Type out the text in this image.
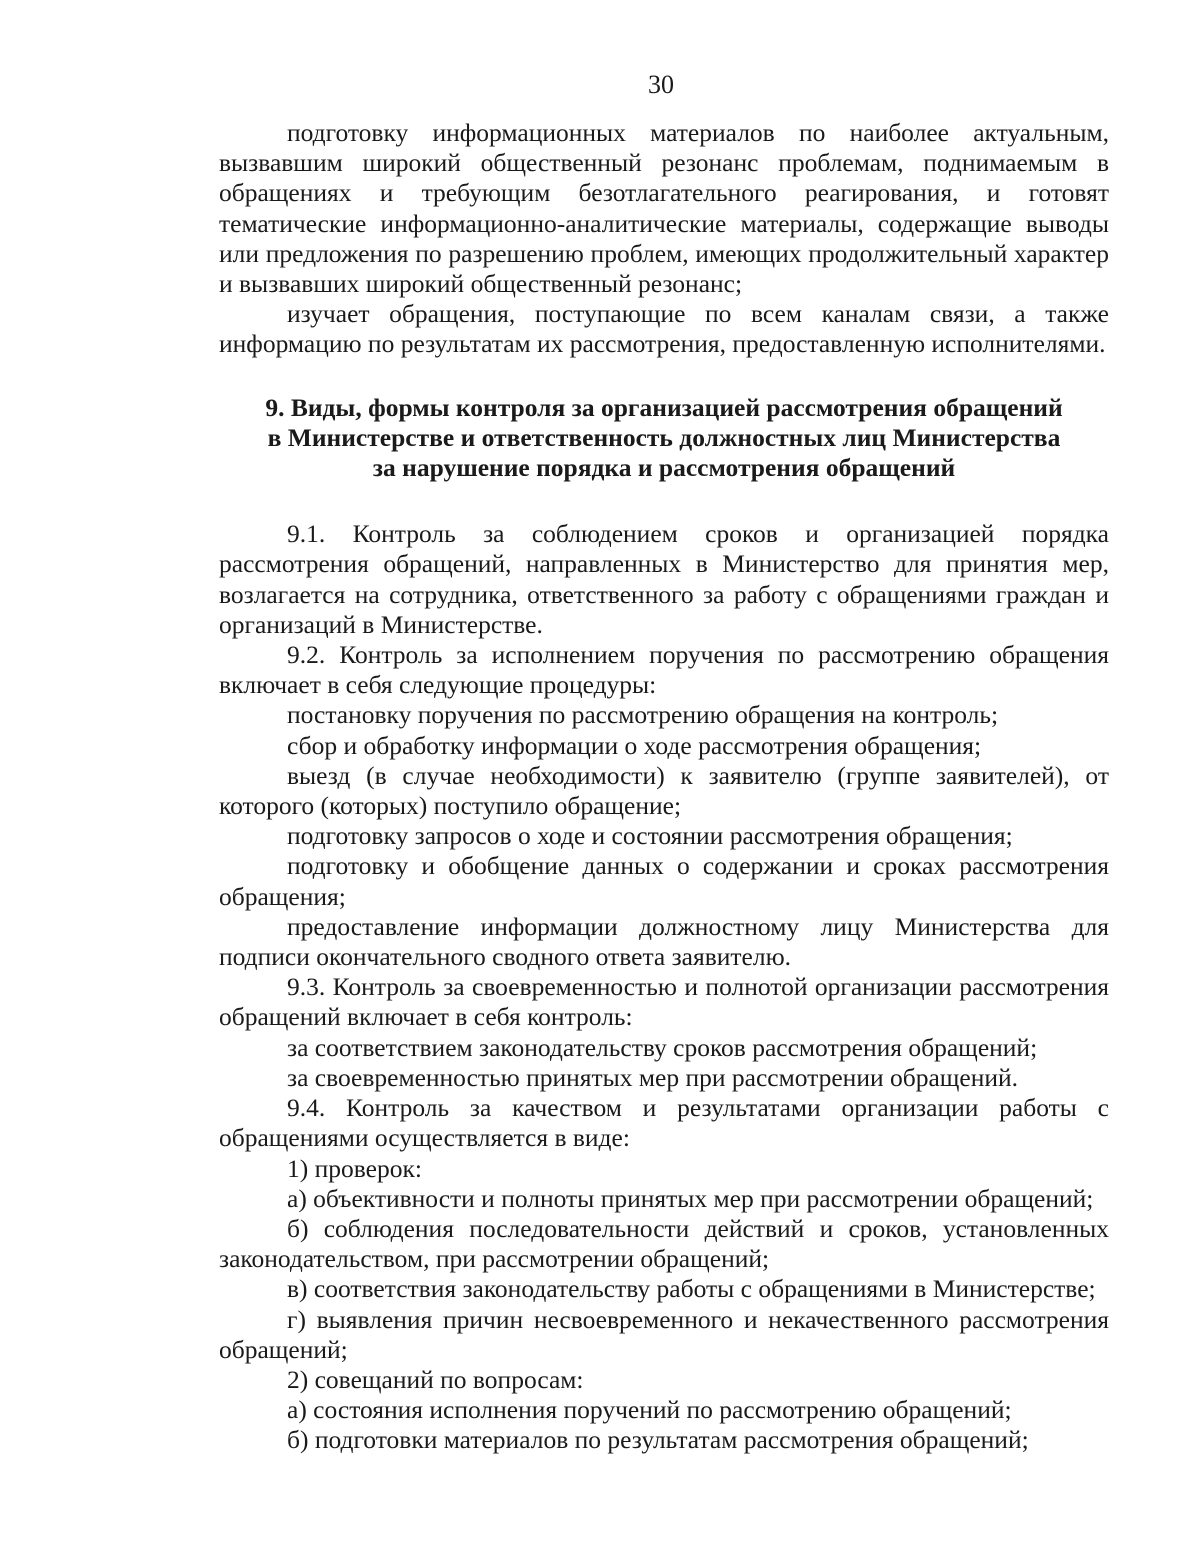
30

подготовку информационных материалов по наиболее актуальным, вызвавшим широкий общественный резонанс проблемам, поднимаемым в обращениях и требующим безотлагательного реагирования, и готовят тематические информационно-аналитические материалы, содержащие выводы или предложения по разрешению проблем, имеющих продолжительный характер и вызвавших широкий общественный резонанс;

изучает обращения, поступающие по всем каналам связи, а также информацию по результатам их рассмотрения, предоставленную исполнителями.

9. Виды, формы контроля за организацией рассмотрения обращений
в Министерстве и ответственность должностных лиц Министерства
за нарушение порядка и рассмотрения обращений

9.1. Контроль за соблюдением сроков и организацией порядка рассмотрения обращений, направленных в Министерство для принятия мер, возлагается на сотрудника, ответственного за работу с обращениями граждан и организаций в Министерстве.

9.2. Контроль за исполнением поручения по рассмотрению обращения включает в себя следующие процедуры:

постановку поручения по рассмотрению обращения на контроль;

сбор и обработку информации о ходе рассмотрения обращения;

выезд (в случае необходимости) к заявителю (группе заявителей), от которого (которых) поступило обращение;

подготовку запросов о ходе и состоянии рассмотрения обращения;

подготовку и обобщение данных о содержании и сроках рассмотрения обращения;

предоставление информации должностному лицу Министерства для подписи окончательного сводного ответа заявителю.

9.3. Контроль за своевременностью и полнотой организации рассмотрения обращений включает в себя контроль:

за соответствием законодательству сроков рассмотрения обращений;

за своевременностью принятых мер при рассмотрении обращений.

9.4. Контроль за качеством и результатами организации работы с обращениями осуществляется в виде:

1) проверок:

а) объективности и полноты принятых мер при рассмотрении обращений;

б) соблюдения последовательности действий и сроков, установленных законодательством, при рассмотрении обращений;

в) соответствия законодательству работы с обращениями в Министерстве;

г) выявления причин несвоевременного и некачественного рассмотрения обращений;

2) совещаний по вопросам:

а) состояния исполнения поручений по рассмотрению обращений;

б) подготовки материалов по результатам рассмотрения обращений;
